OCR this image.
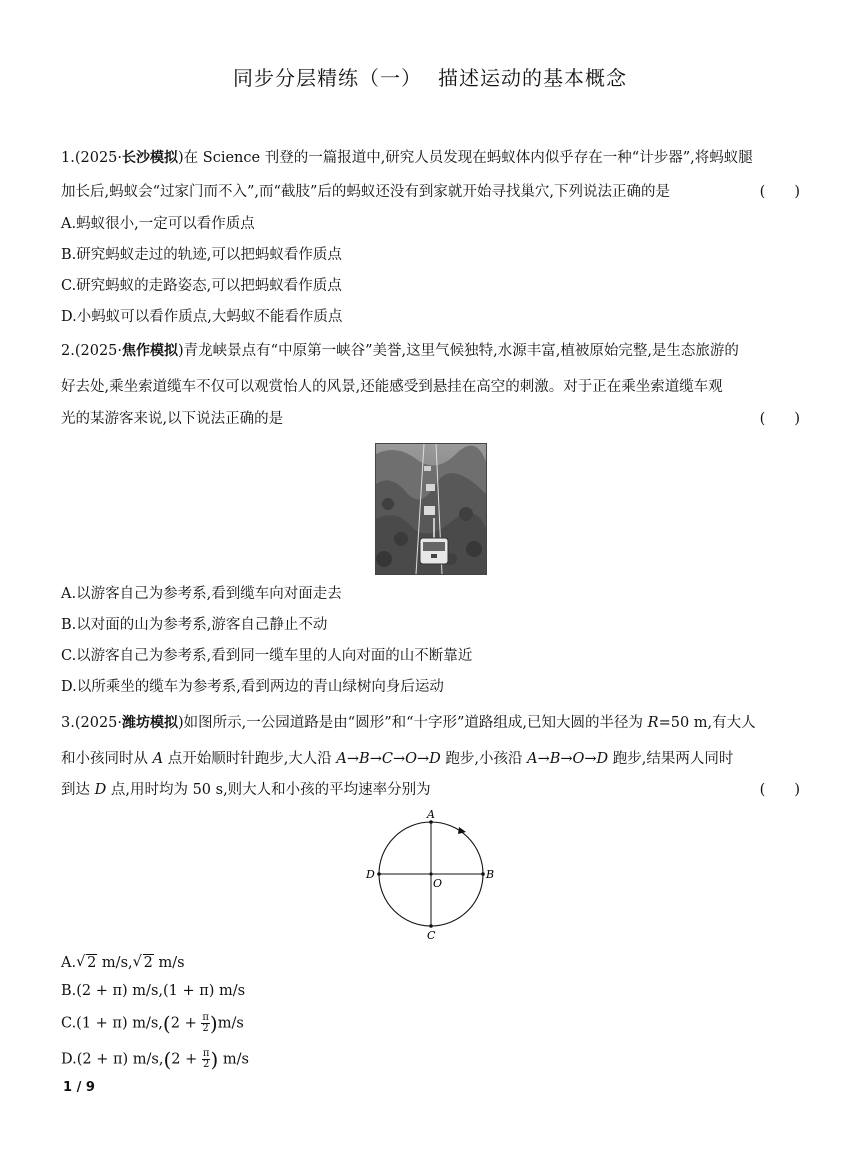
同步分层精练（一） 描述运动的基本概念
1.(2025·长沙模拟)在 Science 刊登的一篇报道中,研究人员发现在蚂蚁体内似乎存在一种“计步器”,将蚂蚁腿
加长后,蚂蚁会“过家门而不入”,而“截肢”后的蚂蚁还没有到家就开始寻找巢穴,下列说法正确的是	(　　)
A.蚂蚁很小,一定可以看作质点
B.研究蚂蚁走过的轨迹,可以把蚂蚁看作质点
C.研究蚂蚁的走路姿态,可以把蚂蚁看作质点
D.小蚂蚁可以看作质点,大蚂蚁不能看作质点
2.(2025·焦作模拟)青龙峡景点有“中原第一峡谷”美誉,这里气候独特,水源丰富,植被原始完整,是生态旅游的
好去处,乘坐索道缆车不仅可以观赏怡人的风景,还能感受到悬挂在高空的刺激。对于正在乘坐索道缆车观
光的某游客来说,以下说法正确的是	(　　)
A.以游客自己为参考系,看到缆车向对面走去
B.以对面的山为参考系,游客自己静止不动
C.以游客自己为参考系,看到同一缆车里的人向对面的山不断靠近
D.以所乘坐的缆车为参考系,看到两边的青山绿树向身后运动
3.(2025·潍坊模拟)如图所示,一公园道路是由“圆形”和“十字形”道路组成,已知大圆的半径为 R=50 m,有大人
和小孩同时从 A 点开始顺时针跑步,大人沿 A→B→C→O→D 跑步,小孩沿 A→B→O→D 跑步,结果两人同时
到达 D 点,用时均为 50 s,则大人和小孩的平均速率分别为	(　　)
A
B
C
D
O
A. √ 2 m/s, √ 2 m/s
B.(2 + π) m/s,(1 + π) m/s
C.(1 + π) $m/s,(2 + \frac{\pi}{2} )m/s$
D.(2 + π) $m/s,(2 + \frac{\pi}{2}$ ) m/s
1 / 9
